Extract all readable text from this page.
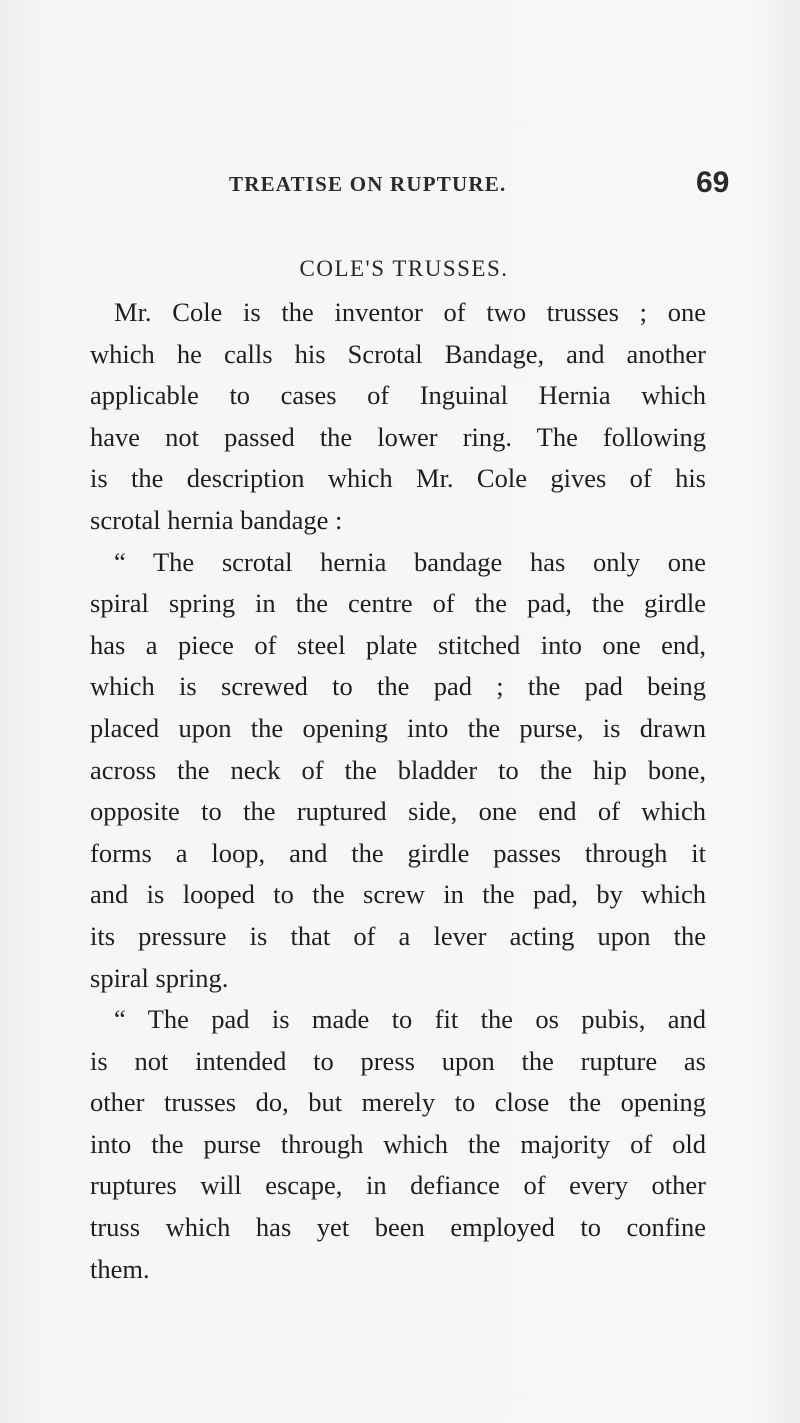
TREATISE ON RUPTURE.	69
COLE'S TRUSSES.
Mr. Cole is the inventor of two trusses ; one
which he calls his Scrotal Bandage, and another
applicable to cases of Inguinal Hernia which
have not passed the lower ring. The following
is the description which Mr. Cole gives of his
scrotal hernia bandage :
“ The scrotal hernia bandage has only one
spiral spring in the centre of the pad, the girdle
has a piece of steel plate stitched into one end,
which is screwed to the pad ; the pad being
placed upon the opening into the purse, is drawn
across the neck of the bladder to the hip bone,
opposite to the ruptured side, one end of which
forms a loop, and the girdle passes through it
and is looped to the screw in the pad, by which
its pressure is that of a lever acting upon the
spiral spring.
“ The pad is made to fit the os pubis, and
is not intended to press upon the rupture as
other trusses do, but merely to close the opening
into the purse through which the majority of old
ruptures will escape, in defiance of every other
truss which has yet been employed to confine
them.
